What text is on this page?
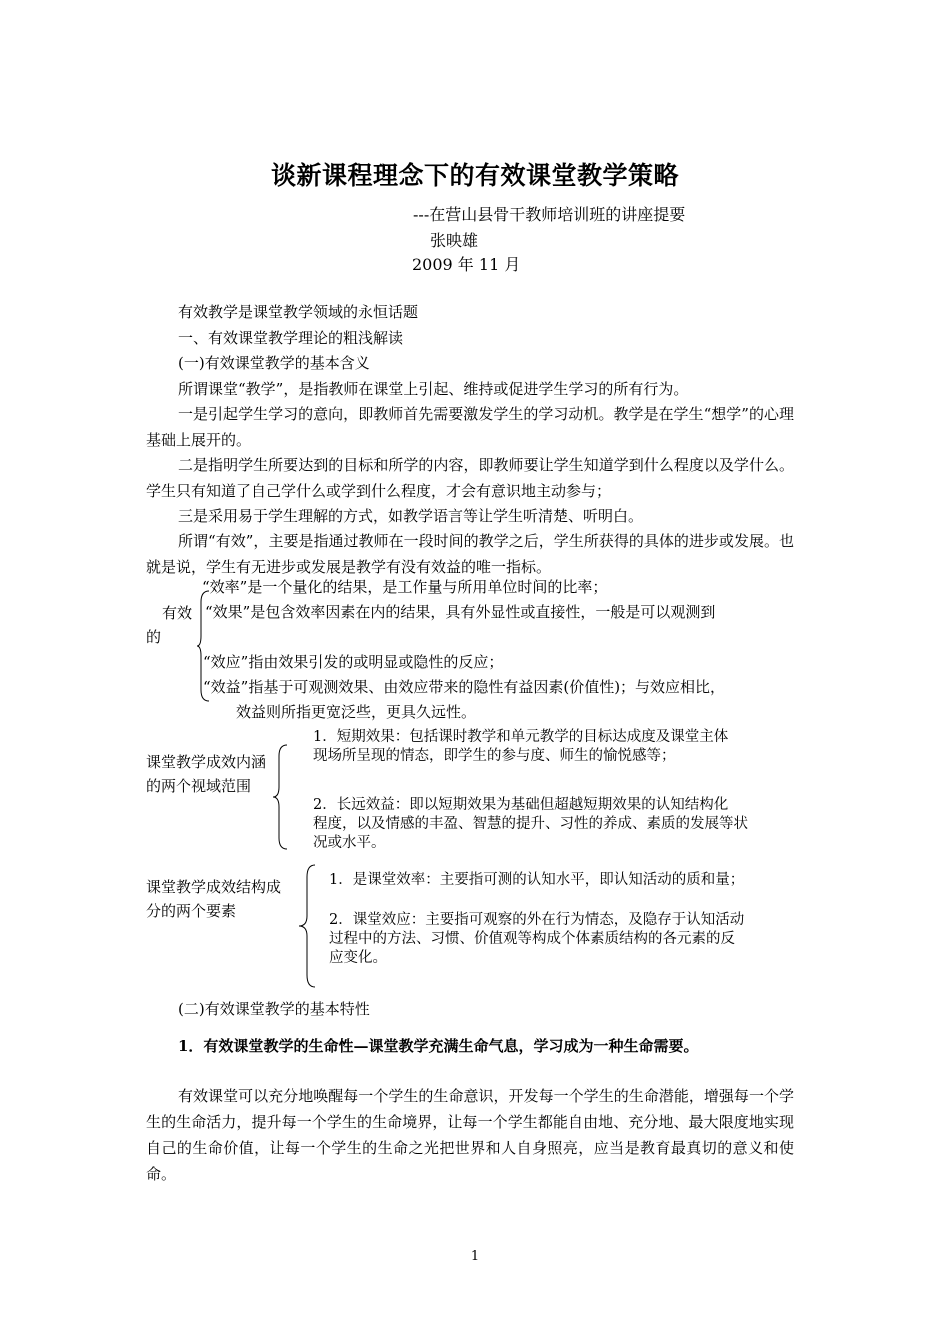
谈新课程理念下的有效课堂教学策略
---在营山县骨干教师培训班的讲座提要
张映雄
2009 年 11 月
有效教学是课堂教学领域的永恒话题
一、有效课堂教学理论的粗浅解读
(一)有效课堂教学的基本含义
所谓课堂“教学”，是指教师在课堂上引起、维持或促进学生学习的所有行为。
一是引起学生学习的意向，即教师首先需要激发学生的学习动机。教学是在学生“想学”的心理基础上展开的。
二是指明学生所要达到的目标和所学的内容，即教师要让学生知道学到什么程度以及学什么。学生只有知道了自己学什么或学到什么程度，才会有意识地主动参与；
三是采用易于学生理解的方式，如教学语言等让学生听清楚、听明白。
所谓“有效”，主要是指通过教师在一段时间的教学之后，学生所获得的具体的进步或发展。也就是说，学生有无进步或发展是教学有没有效益的唯一指标。
有效
的
“效率”是一个量化的结果，是工作量与所用单位时间的比率；
“效果”是包含效率因素在内的结果，具有外显性或直接性，一般是可以观测到
“效应”指由效果引发的或明显或隐性的反应；
“效益”指基于可观测效果、由效应带来的隐性有益因素(价值性)；与效应相比，
效益则所指更宽泛些，更具久远性。
课堂教学成效内涵
的两个视域范围
1．短期效果：包括课时教学和单元教学的目标达成度及课堂主体
现场所呈现的情态，即学生的参与度、师生的愉悦感等；
2．长远效益：即以短期效果为基础但超越短期效果的认知结构化
程度，以及情感的丰盈、智慧的提升、习性的养成、素质的发展等状
况或水平。
课堂教学成效结构成
分的两个要素
1．是课堂效率：主要指可测的认知水平，即认知活动的质和量；
2．课堂效应：主要指可观察的外在行为情态，及隐存于认知活动
过程中的方法、习惯、价值观等构成个体素质结构的各元素的反
应变化。
(二)有效课堂教学的基本特性
1．有效课堂教学的生命性—课堂教学充满生命气息，学习成为一种生命需要。
有效课堂可以充分地唤醒每一个学生的生命意识，开发每一个学生的生命潜能，增强每一个学生的生命活力，提升每一个学生的生命境界，让每一个学生都能自由地、充分地、最大限度地实现自己的生命价值，让每一个学生的生命之光把世界和人自身照亮，应当是教育最真切的意义和使命。
1
